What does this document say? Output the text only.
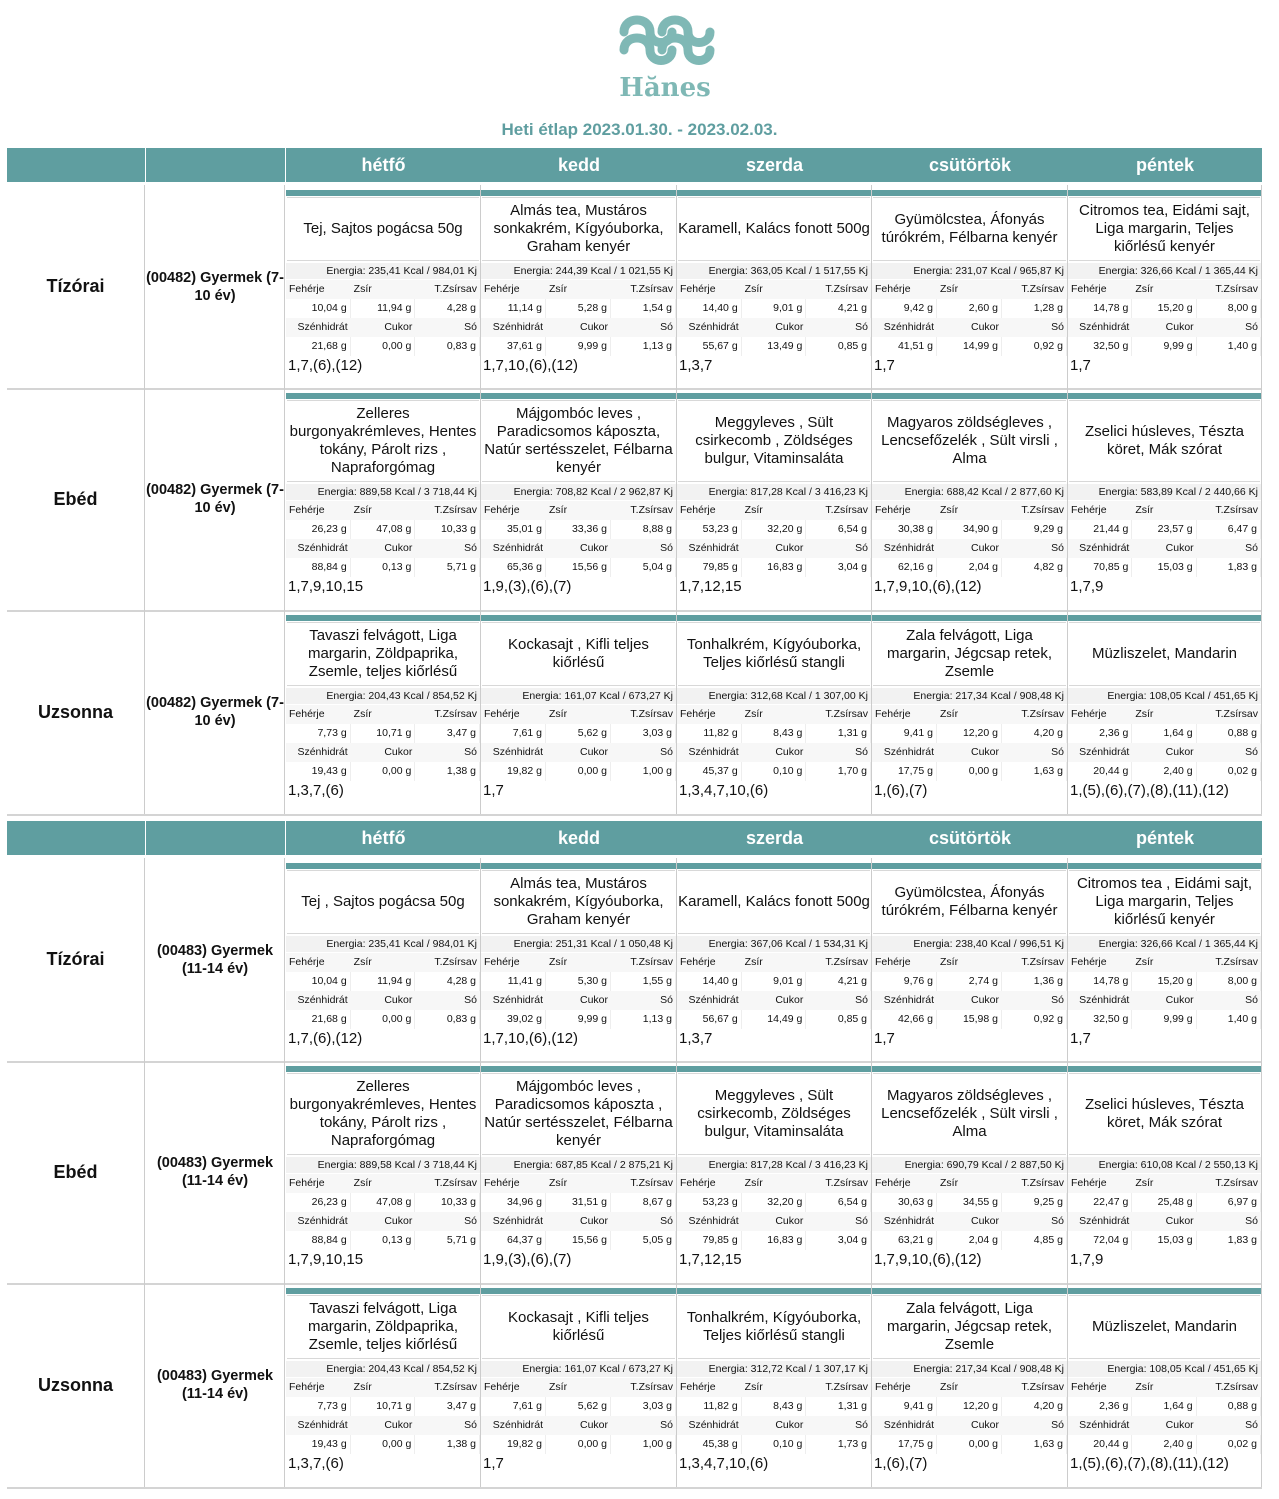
Hănes
Heti étlap 2023.01.30. - 2023.02.03.
hétfő	kedd	szerda	csütörtök	péntek
Tízórai	(00482) Gyermek (7-10 év)
Tej, Sajtos pogácsa 50g
Energia: 235,41 Kcal / 984,01 Kj
Fehérje	Zsír	T.Zsírsav
10,04 g	11,94 g	4,28 g
Szénhidrát	Cukor	Só
21,68 g	0,00 g	0,83 g
1,7,(6),(12)
Almás tea, Mustáros sonkakrém, Kígyóuborka, Graham kenyér
Energia: 244,39 Kcal / 1 021,55 Kj
Fehérje	Zsír	T.Zsírsav
11,14 g	5,28 g	1,54 g
Szénhidrát	Cukor	Só
37,61 g	9,99 g	1,13 g
1,7,10,(6),(12)
Karamell, Kalács fonott 500g
Energia: 363,05 Kcal / 1 517,55 Kj
Fehérje	Zsír	T.Zsírsav
14,40 g	9,01 g	4,21 g
Szénhidrát	Cukor	Só
55,67 g	13,49 g	0,85 g
1,3,7
Gyümölcstea, Áfonyás túrókrém, Félbarna kenyér
Energia: 231,07 Kcal / 965,87 Kj
Fehérje	Zsír	T.Zsírsav
9,42 g	2,60 g	1,28 g
Szénhidrát	Cukor	Só
41,51 g	14,99 g	0,92 g
1,7
Citromos tea, Eidámi sajt, Liga margarin, Teljes kiőrlésű kenyér
Energia: 326,66 Kcal / 1 365,44 Kj
Fehérje	Zsír	T.Zsírsav
14,78 g	15,20 g	8,00 g
Szénhidrát	Cukor	Só
32,50 g	9,99 g	1,40 g
1,7
Ebéd	(00482) Gyermek (7-10 év)
Zelleres burgonyakrémleves, Hentes tokány, Párolt rizs , Napraforgómag
Energia: 889,58 Kcal / 3 718,44 Kj
Fehérje	Zsír	T.Zsírsav
26,23 g	47,08 g	10,33 g
Szénhidrát	Cukor	Só
88,84 g	0,13 g	5,71 g
1,7,9,10,15
Májgombóc leves , Paradicsomos káposzta, Natúr sertésszelet, Félbarna kenyér
Energia: 708,82 Kcal / 2 962,87 Kj
Fehérje	Zsír	T.Zsírsav
35,01 g	33,36 g	8,88 g
Szénhidrát	Cukor	Só
65,36 g	15,56 g	5,04 g
1,9,(3),(6),(7)
Meggyleves , Sült csirkecomb , Zöldséges bulgur, Vitaminsaláta
Energia: 817,28 Kcal / 3 416,23 Kj
Fehérje	Zsír	T.Zsírsav
53,23 g	32,20 g	6,54 g
Szénhidrát	Cukor	Só
79,85 g	16,83 g	3,04 g
1,7,12,15
Magyaros zöldségleves , Lencsefőzelék , Sült virsli , Alma
Energia: 688,42 Kcal / 2 877,60 Kj
Fehérje	Zsír	T.Zsírsav
30,38 g	34,90 g	9,29 g
Szénhidrát	Cukor	Só
62,16 g	2,04 g	4,82 g
1,7,9,10,(6),(12)
Zselici húsleves, Tészta köret, Mák szórat
Energia: 583,89 Kcal / 2 440,66 Kj
Fehérje	Zsír	T.Zsírsav
21,44 g	23,57 g	6,47 g
Szénhidrát	Cukor	Só
70,85 g	15,03 g	1,83 g
1,7,9
Uzsonna	(00482) Gyermek (7-10 év)
Tavaszi felvágott, Liga margarin, Zöldpaprika, Zsemle, teljes kiőrlésű
Energia: 204,43 Kcal / 854,52 Kj
Fehérje	Zsír	T.Zsírsav
7,73 g	10,71 g	3,47 g
Szénhidrát	Cukor	Só
19,43 g	0,00 g	1,38 g
1,3,7,(6)
Kockasajt , Kifli teljes kiőrlésű
Energia: 161,07 Kcal / 673,27 Kj
Fehérje	Zsír	T.Zsírsav
7,61 g	5,62 g	3,03 g
Szénhidrát	Cukor	Só
19,82 g	0,00 g	1,00 g
1,7
Tonhalkrém, Kígyóuborka, Teljes kiőrlésű stangli
Energia: 312,68 Kcal / 1 307,00 Kj
Fehérje	Zsír	T.Zsírsav
11,82 g	8,43 g	1,31 g
Szénhidrát	Cukor	Só
45,37 g	0,10 g	1,70 g
1,3,4,7,10,(6)
Zala felvágott, Liga margarin, Jégcsap retek, Zsemle
Energia: 217,34 Kcal / 908,48 Kj
Fehérje	Zsír	T.Zsírsav
9,41 g	12,20 g	4,20 g
Szénhidrát	Cukor	Só
17,75 g	0,00 g	1,63 g
1,(6),(7)
Müzliszelet, Mandarin
Energia: 108,05 Kcal / 451,65 Kj
Fehérje	Zsír	T.Zsírsav
2,36 g	1,64 g	0,88 g
Szénhidrát	Cukor	Só
20,44 g	2,40 g	0,02 g
1,(5),(6),(7),(8),(11),(12)
hétfő	kedd	szerda	csütörtök	péntek
Tízórai	(00483) Gyermek (11-14 év)
Tej , Sajtos pogácsa 50g
Energia: 235,41 Kcal / 984,01 Kj
Fehérje	Zsír	T.Zsírsav
10,04 g	11,94 g	4,28 g
Szénhidrát	Cukor	Só
21,68 g	0,00 g	0,83 g
1,7,(6),(12)
Almás tea, Mustáros sonkakrém, Kígyóuborka, Graham kenyér
Energia: 251,31 Kcal / 1 050,48 Kj
Fehérje	Zsír	T.Zsírsav
11,41 g	5,30 g	1,55 g
Szénhidrát	Cukor	Só
39,02 g	9,99 g	1,13 g
1,7,10,(6),(12)
Karamell, Kalács fonott 500g
Energia: 367,06 Kcal / 1 534,31 Kj
Fehérje	Zsír	T.Zsírsav
14,40 g	9,01 g	4,21 g
Szénhidrát	Cukor	Só
56,67 g	14,49 g	0,85 g
1,3,7
Gyümölcstea, Áfonyás túrókrém, Félbarna kenyér
Energia: 238,40 Kcal / 996,51 Kj
Fehérje	Zsír	T.Zsírsav
9,76 g	2,74 g	1,36 g
Szénhidrát	Cukor	Só
42,66 g	15,98 g	0,92 g
1,7
Citromos tea , Eidámi sajt, Liga margarin, Teljes kiőrlésű kenyér
Energia: 326,66 Kcal / 1 365,44 Kj
Fehérje	Zsír	T.Zsírsav
14,78 g	15,20 g	8,00 g
Szénhidrát	Cukor	Só
32,50 g	9,99 g	1,40 g
1,7
Ebéd	(00483) Gyermek (11-14 év)
Zelleres burgonyakrémleves, Hentes tokány, Párolt rizs , Napraforgómag
Energia: 889,58 Kcal / 3 718,44 Kj
Fehérje	Zsír	T.Zsírsav
26,23 g	47,08 g	10,33 g
Szénhidrát	Cukor	Só
88,84 g	0,13 g	5,71 g
1,7,9,10,15
Májgombóc leves , Paradicsomos káposzta , Natúr sertésszelet, Félbarna kenyér
Energia: 687,85 Kcal / 2 875,21 Kj
Fehérje	Zsír	T.Zsírsav
34,96 g	31,51 g	8,67 g
Szénhidrát	Cukor	Só
64,37 g	15,56 g	5,05 g
1,9,(3),(6),(7)
Meggyleves , Sült csirkecomb, Zöldséges bulgur, Vitaminsaláta
Energia: 817,28 Kcal / 3 416,23 Kj
Fehérje	Zsír	T.Zsírsav
53,23 g	32,20 g	6,54 g
Szénhidrát	Cukor	Só
79,85 g	16,83 g	3,04 g
1,7,12,15
Magyaros zöldségleves , Lencsefőzelék , Sült virsli , Alma
Energia: 690,79 Kcal / 2 887,50 Kj
Fehérje	Zsír	T.Zsírsav
30,63 g	34,55 g	9,25 g
Szénhidrát	Cukor	Só
63,21 g	2,04 g	4,85 g
1,7,9,10,(6),(12)
Zselici húsleves, Tészta köret, Mák szórat
Energia: 610,08 Kcal / 2 550,13 Kj
Fehérje	Zsír	T.Zsírsav
22,47 g	25,48 g	6,97 g
Szénhidrát	Cukor	Só
72,04 g	15,03 g	1,83 g
1,7,9
Uzsonna	(00483) Gyermek (11-14 év)
Tavaszi felvágott, Liga margarin, Zöldpaprika, Zsemle, teljes kiőrlésű
Energia: 204,43 Kcal / 854,52 Kj
Fehérje	Zsír	T.Zsírsav
7,73 g	10,71 g	3,47 g
Szénhidrát	Cukor	Só
19,43 g	0,00 g	1,38 g
1,3,7,(6)
Kockasajt , Kifli teljes kiőrlésű
Energia: 161,07 Kcal / 673,27 Kj
Fehérje	Zsír	T.Zsírsav
7,61 g	5,62 g	3,03 g
Szénhidrát	Cukor	Só
19,82 g	0,00 g	1,00 g
1,7
Tonhalkrém, Kígyóuborka, Teljes kiőrlésű stangli
Energia: 312,72 Kcal / 1 307,17 Kj
Fehérje	Zsír	T.Zsírsav
11,82 g	8,43 g	1,31 g
Szénhidrát	Cukor	Só
45,38 g	0,10 g	1,73 g
1,3,4,7,10,(6)
Zala felvágott, Liga margarin, Jégcsap retek, Zsemle
Energia: 217,34 Kcal / 908,48 Kj
Fehérje	Zsír	T.Zsírsav
9,41 g	12,20 g	4,20 g
Szénhidrát	Cukor	Só
17,75 g	0,00 g	1,63 g
1,(6),(7)
Müzliszelet, Mandarin
Energia: 108,05 Kcal / 451,65 Kj
Fehérje	Zsír	T.Zsírsav
2,36 g	1,64 g	0,88 g
Szénhidrát	Cukor	Só
20,44 g	2,40 g	0,02 g
1,(5),(6),(7),(8),(11),(12)
